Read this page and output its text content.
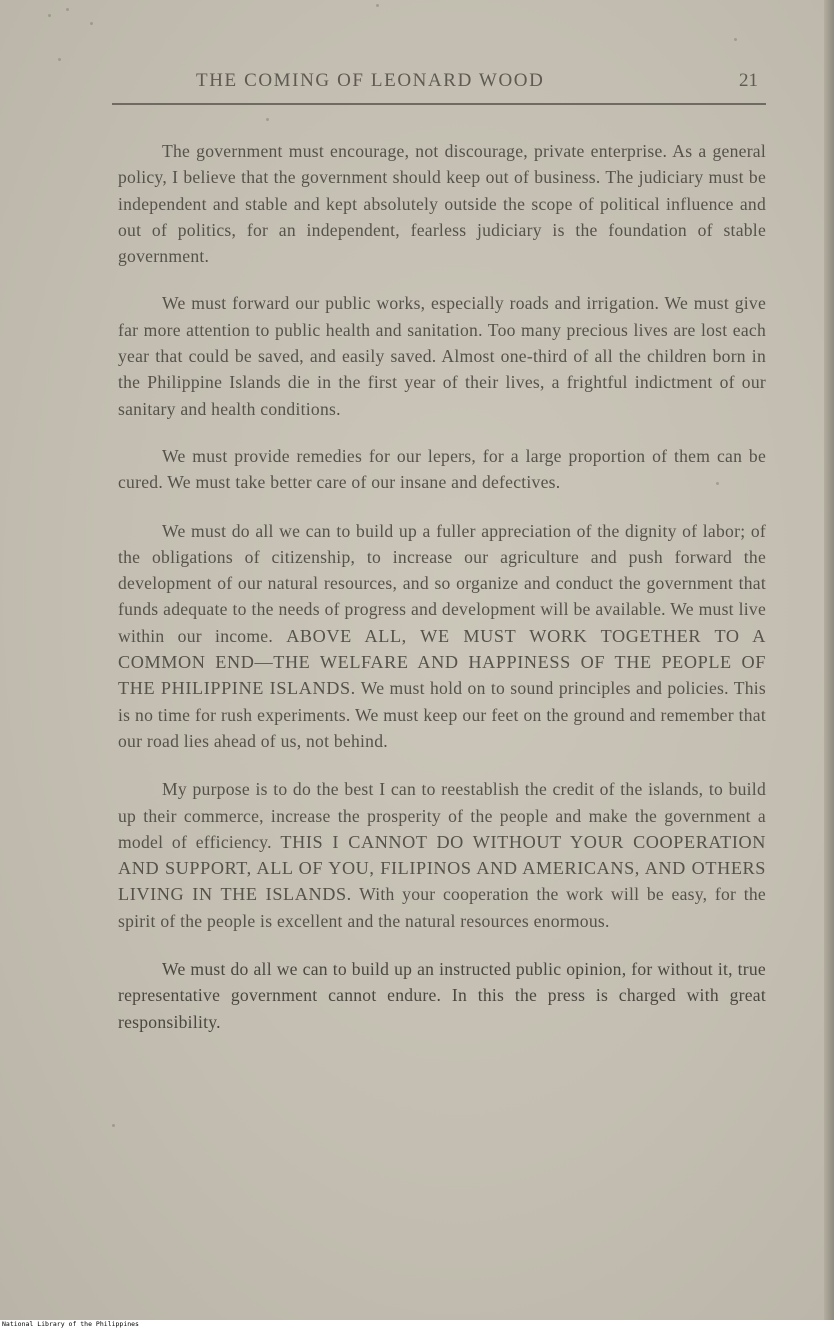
THE COMING OF LEONARD WOOD	21

The government must encourage, not discourage, private enterprise. As a general policy, I believe that the government should keep out of business. The judiciary must be independent and stable and kept absolutely outside the scope of political influence and out of politics, for an independent, fearless judiciary is the foundation of stable government.

We must forward our public works, especially roads and irrigation. We must give far more attention to public health and sanitation. Too many precious lives are lost each year that could be saved, and easily saved. Almost one-third of all the children born in the Philippine Islands die in the first year of their lives, a frightful indictment of our sanitary and health conditions.

We must provide remedies for our lepers, for a large proportion of them can be cured. We must take better care of our insane and defectives.

We must do all we can to build up a fuller appreciation of the dignity of labor; of the obligations of citizenship, to increase our agriculture and push forward the development of our natural resources, and so organize and conduct the government that funds adequate to the needs of progress and development will be available. We must live within our income. ABOVE ALL, WE MUST WORK TOGETHER TO A COMMON END—THE WELFARE AND HAPPINESS OF THE PEOPLE OF THE PHILIPPINE ISLANDS. We must hold on to sound principles and policies. This is no time for rush experiments. We must keep our feet on the ground and remember that our road lies ahead of us, not behind.

My purpose is to do the best I can to reestablish the credit of the islands, to build up their commerce, increase the prosperity of the people and make the government a model of efficiency. THIS I CANNOT DO WITHOUT YOUR COOPERATION AND SUPPORT, ALL OF YOU, FILIPINOS AND AMERICANS, AND OTHERS LIVING IN THE ISLANDS. With your cooperation the work will be easy, for the spirit of the people is excellent and the natural resources enormous.

We must do all we can to build up an instructed public opinion, for without it, true representative government cannot endure. In this the press is charged with great responsibility.

National Library of the Philippines
